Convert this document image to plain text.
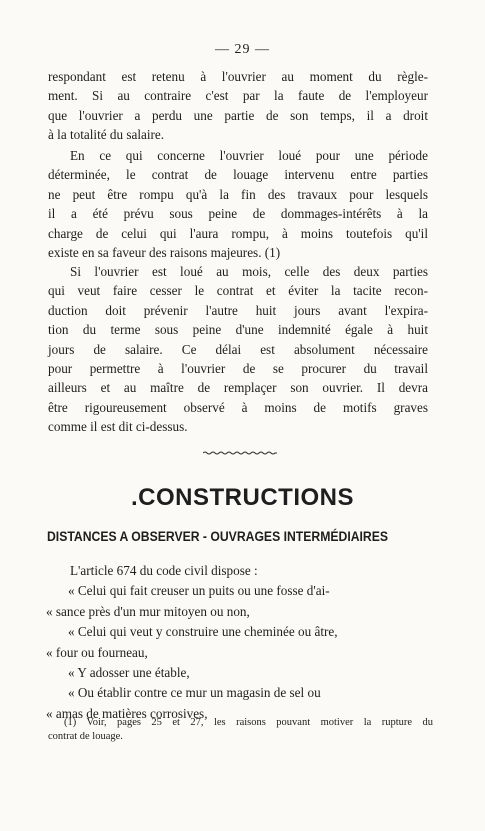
— 29 —
respondant est retenu à l'ouvrier au moment du règle-
ment. Si au contraire c'est par la faute de l'employeur
que l'ouvrier a perdu une partie de son temps, il a droit
à la totalité du salaire.
En ce qui concerne l'ouvrier loué pour une période
déterminée, le contrat de louage intervenu entre parties
ne peut être rompu qu'à la fin des travaux pour lesquels
il a été prévu sous peine de dommages-intérêts à la
charge de celui qui l'aura rompu, à moins toutefois qu'il
existe en sa faveur des raisons majeures. (1)
Si l'ouvrier est loué au mois, celle des deux parties
qui veut faire cesser le contrat et éviter la tacite recon-
duction doit prévenir l'autre huit jours avant l'expira-
tion du terme sous peine d'une indemnité égale à huit
jours de salaire. Ce délai est absolument nécessaire
pour permettre à l'ouvrier de se procurer du travail
ailleurs et au maître de remplaçer son ouvrier. Il devra
être rigoureusement observé à moins de motifs graves
comme il est dit ci-dessus.
.CONSTRUCTIONS
DISTANCES A OBSERVER - OUVRAGES INTERMÉDIAIRES
L'article 674 du code civil dispose :
« Celui qui fait creuser un puits ou une fosse d'ai-
« sance près d'un mur mitoyen ou non,
« Celui qui veut y construire une cheminée ou âtre,
« four ou fourneau,
« Y adosser une étable,
« Ou établir contre ce mur un magasin de sel ou
« amas de matières corrosives,
(1) Voir, pages 25 et 27, les raisons pouvant motiver la rupture du
contrat de louage.
